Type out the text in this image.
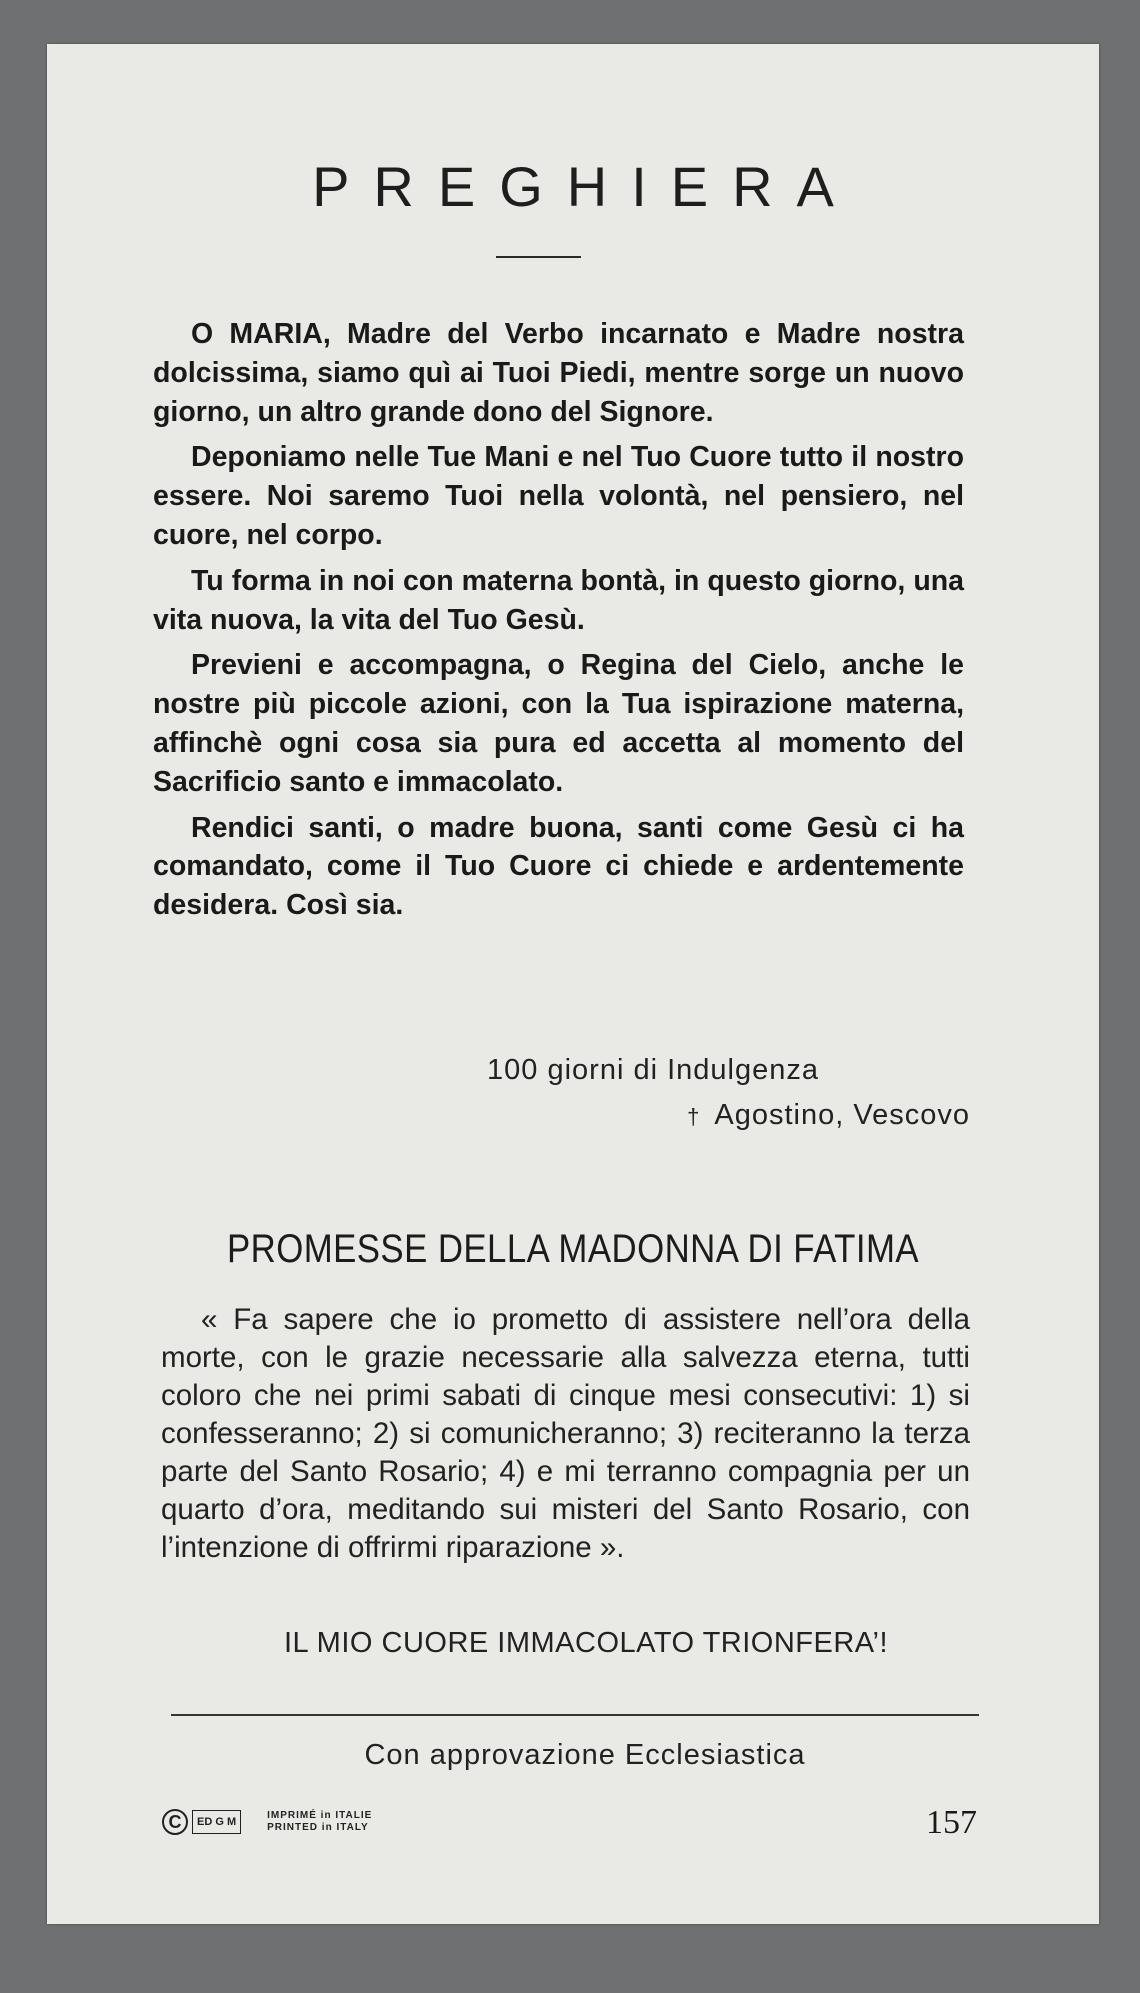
PREGHIERA

O MARIA, Madre del Verbo incarnato e Madre nostra dolcissima, siamo quì ai Tuoi Piedi, mentre sorge un nuovo giorno, un altro grande dono del Signore.

Deponiamo nelle Tue Mani e nel Tuo Cuore tutto il nostro essere. Noi saremo Tuoi nella volontà, nel pensiero, nel cuore, nel corpo.

Tu forma in noi con materna bontà, in questo giorno, una vita nuova, la vita del Tuo Gesù.

Previeni e accompagna, o Regina del Cielo, anche le nostre più piccole azioni, con la Tua ispirazione materna, affinchè ogni cosa sia pura ed accetta al momento del Sacrificio santo e immacolato.

Rendici santi, o madre buona, santi come Gesù ci ha comandato, come il Tuo Cuore ci chiede e ardentemente desidera. Così sia.

100 giorni di Indulgenza
† Agostino, Vescovo
PROMESSE DELLA MADONNA DI FATIMA

« Fa sapere che io prometto di assistere nell’ora della morte, con le grazie necessarie alla salvezza eterna, tutti coloro che nei primi sabati di cinque mesi consecutivi: 1) si confesseranno; 2) si comunicheranno; 3) reciteranno la terza parte del Santo Rosario; 4) e mi terranno compagnia per un quarto d’ora, meditando sui misteri del Santo Rosario, con l’intenzione di offrirmi riparazione ».

IL MIO CUORE IMMACOLATO TRIONFERA’!
Con approvazione Ecclesiastica
C	ED G M
IMPRIMÉ in ITALIE
PRINTED in ITALY	157
